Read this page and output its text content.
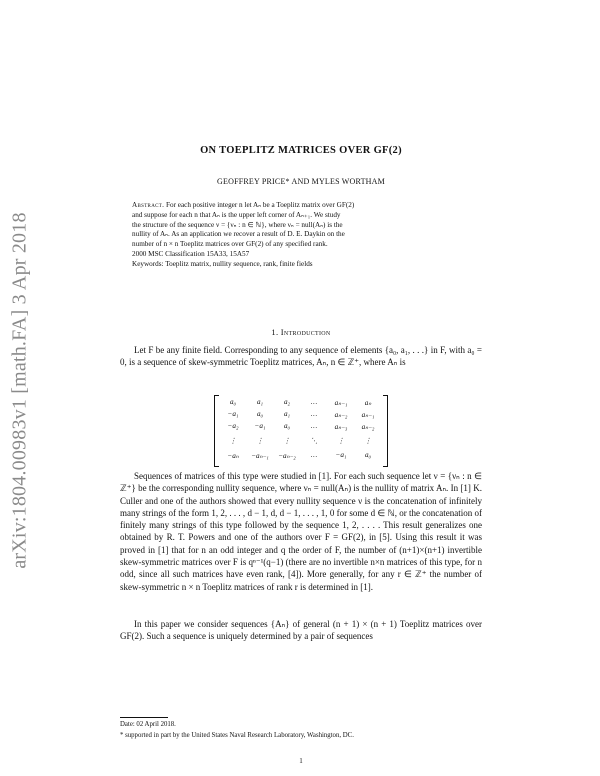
arXiv:1804.00983v1 [math.FA] 3 Apr 2018
ON TOEPLITZ MATRICES OVER GF(2)
GEOFFREY PRICE* AND MYLES WORTHAM
Abstract. For each positive integer n let Aₙ be a Toeplitz matrix over GF(2)
and suppose for each n that Aₙ is the upper left corner of Aₙ₊₁. We study
the structure of the sequence ν = {νₙ : n ∈ ℕ}, where νₙ = null(Aₙ) is the
nullity of Aₙ. As an application we recover a result of D. E. Daykin on the
number of n × n Toeplitz matrices over GF(2) of any specified rank.
2000 MSC Classification 15A33, 15A57
Keywords: Toeplitz matrix, nullity sequence, rank, finite fields
1. Introduction
Let F be any finite field. Corresponding to any sequence of elements {a₀, a₁, . . .} in F, with a₀ = 0, is a sequence of skew-symmetric Toeplitz matrices, Aₙ, n ∈ ℤ⁺, where Aₙ is
a₀	a₁	a₂	…	aₙ₋₁	aₙ
−a₁	a₀	a₁	…	aₙ₋₂	aₙ₋₁
−a₂	−a₁	a₀	…	aₙ₋₃	aₙ₋₂
⋮	⋮	⋮	⋱	⋮	⋮
−aₙ	−aₙ₋₁	−aₙ₋₂	…	−a₁	a₀
Sequences of matrices of this type were studied in [1]. For each such sequence let ν = {νₙ : n ∈ ℤ⁺} be the corresponding nullity sequence, where νₙ = null(Aₙ) is the nullity of matrix Aₙ. In [1] K. Culler and one of the authors showed that every nullity sequence ν is the concatenation of infinitely many strings of the form 1, 2, . . . , d − 1, d, d − 1, . . . , 1, 0 for some d ∈ ℕ, or the concatenation of finitely many strings of this type followed by the sequence 1, 2, . . . . This result generalizes one obtained by R. T. Powers and one of the authors over F = GF(2), in [5]. Using this result it was proved in [1] that for n an odd integer and q the order of F, the number of (n+1)×(n+1) invertible skew-symmetric matrices over F is qⁿ⁻¹(q−1) (there are no invertible n×n matrices of this type, for n odd, since all such matrices have even rank, [4]). More generally, for any r ∈ ℤ⁺ the number of skew-symmetric n × n Toeplitz matrices of rank r is determined in [1].
In this paper we consider sequences {Aₙ} of general (n + 1) × (n + 1) Toeplitz matrices over GF(2). Such a sequence is uniquely determined by a pair of sequences
Date: 02 April 2018.
* supported in part by the United States Naval Research Laboratory, Washington, DC.
1
